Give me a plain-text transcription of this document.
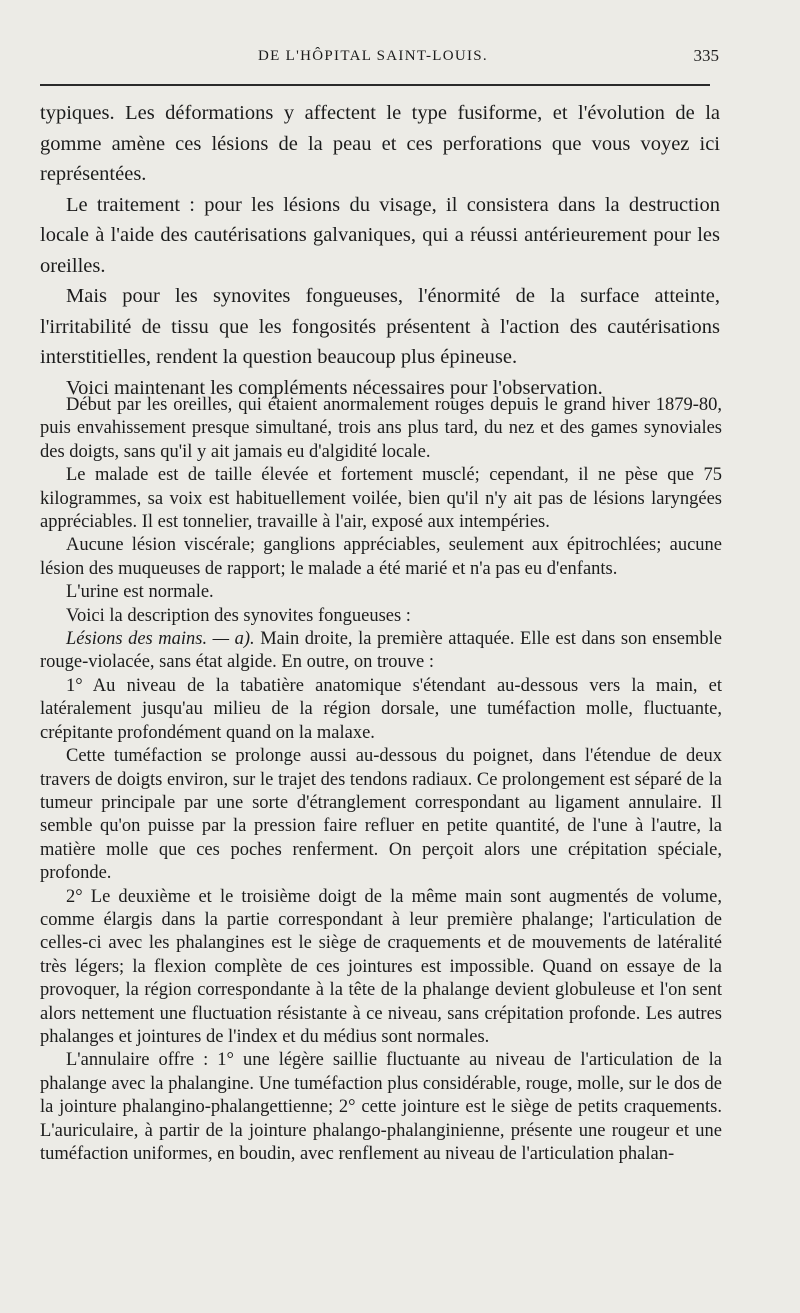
DE L'HÔPITAL SAINT-LOUIS.	335

typiques. Les déformations y affectent le type fusiforme, et l'évolution de la gomme amène ces lésions de la peau et ces perforations que vous voyez ici représentées.

Le traitement : pour les lésions du visage, il consistera dans la destruction locale à l'aide des cautérisations galvaniques, qui a réussi antérieurement pour les oreilles.

Mais pour les synovites fongueuses, l'énormité de la surface atteinte, l'irritabilité de tissu que les fongosités présentent à l'action des cautérisations interstitielles, rendent la question beaucoup plus épineuse.

Voici maintenant les compléments nécessaires pour l'observation.

Début par les oreilles, qui étaient anormalement rouges depuis le grand hiver 1879-80, puis envahissement presque simultané, trois ans plus tard, du nez et des games synoviales des doigts, sans qu'il y ait jamais eu d'algidité locale.

Le malade est de taille élevée et fortement musclé; cependant, il ne pèse que 75 kilogrammes, sa voix est habituellement voilée, bien qu'il n'y ait pas de lésions laryngées appréciables. Il est tonnelier, travaille à l'air, exposé aux intempéries.

Aucune lésion viscérale; ganglions appréciables, seulement aux épitrochlées; aucune lésion des muqueuses de rapport; le malade a été marié et n'a pas eu d'enfants.

L'urine est normale.

Voici la description des synovites fongueuses :

Lésions des mains. — a). Main droite, la première attaquée. Elle est dans son ensemble rouge-violacée, sans état algide. En outre, on trouve :

1° Au niveau de la tabatière anatomique s'étendant au-dessous vers la main, et latéralement jusqu'au milieu de la région dorsale, une tuméfaction molle, fluctuante, crépitante profondément quand on la malaxe.

Cette tuméfaction se prolonge aussi au-dessous du poignet, dans l'étendue de deux travers de doigts environ, sur le trajet des tendons radiaux. Ce prolongement est séparé de la tumeur principale par une sorte d'étranglement correspondant au ligament annulaire. Il semble qu'on puisse par la pression faire refluer en petite quantité, de l'une à l'autre, la matière molle que ces poches renferment. On perçoit alors une crépitation spéciale, profonde.

2° Le deuxième et le troisième doigt de la même main sont augmentés de volume, comme élargis dans la partie correspondant à leur première phalange; l'articulation de celles-ci avec les phalangines est le siège de craquements et de mouvements de latéralité très légers; la flexion complète de ces jointures est impossible. Quand on essaye de la provoquer, la région correspondante à la tête de la phalange devient globuleuse et l'on sent alors nettement une fluctuation résistante à ce niveau, sans crépitation profonde. Les autres phalanges et jointures de l'index et du médius sont normales.

L'annulaire offre : 1° une légère saillie fluctuante au niveau de l'articulation de la phalange avec la phalangine. Une tuméfaction plus considérable, rouge, molle, sur le dos de la jointure phalangino-phalangettienne; 2° cette jointure est le siège de petits craquements. L'auriculaire, à partir de la jointure phalango-phalanginienne, présente une rougeur et une tuméfaction uniformes, en boudin, avec renflement au niveau de l'articulation phalan-
